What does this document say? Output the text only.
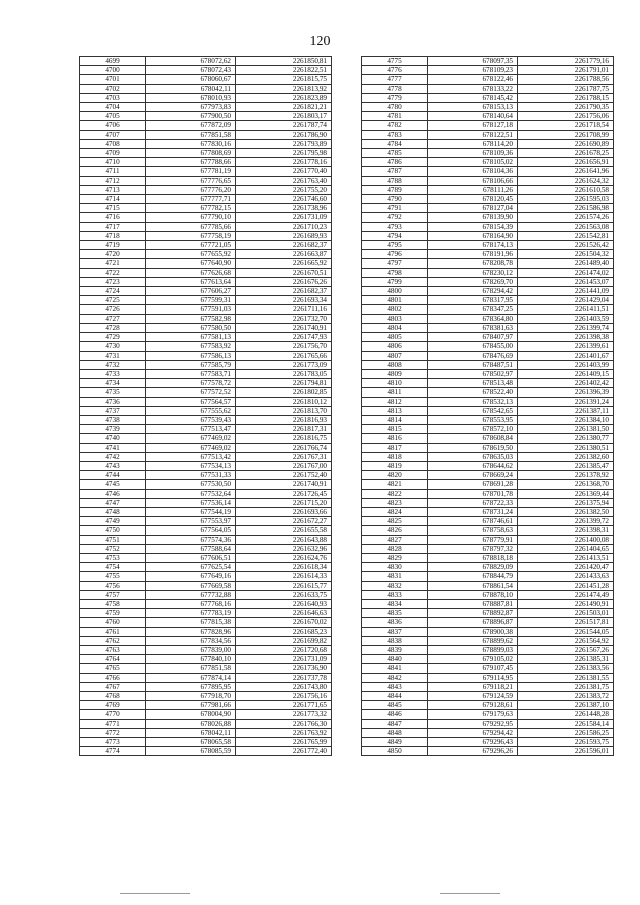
120
4699	678072,62	2261850,81
4700	678072,43	2261822,51
4701	678060,67	2261815,75
4702	678042,11	2261813,92
4703	678010,93	2261823,89
4704	677973,83	2261821,21
4705	677900,50	2261803,17
4706	677872,09	2261787,74
4707	677851,58	2261786,90
4708	677830,16	2261793,89
4709	677808,69	2261795,98
4710	677788,66	2261778,16
4711	677781,19	2261770,40
4712	677776,65	2261763,40
4713	677776,20	2261755,20
4714	677777,71	2261746,60
4715	677782,15	2261738,96
4716	677790,10	2261731,09
4717	677785,66	2261710,23
4718	677758,19	2261689,93
4719	677721,05	2261682,37
4720	677655,92	2261663,87
4721	677640,90	2261665,92
4722	677626,68	2261670,51
4723	677613,64	2261676,26
4724	677606,27	2261682,37
4725	677599,31	2261693,34
4726	677591,03	2261711,16
4727	677582,98	2261732,70
4728	677580,50	2261740,91
4729	677581,13	2261747,93
4730	677583,92	2261756,70
4731	677586,13	2261765,66
4732	677585,79	2261773,09
4733	677583,71	2261783,05
4734	677578,72	2261794,81
4735	677572,52	2261802,85
4736	677564,57	2261810,12
4737	677555,62	2261813,70
4738	677539,43	2261816,93
4739	677513,47	2261817,31
4740	677469,02	2261816,75
4741	677469,02	2261766,74
4742	677513,42	2261767,31
4743	677534,13	2261767,00
4744	677531,33	2261752,40
4745	677530,50	2261740,91
4746	677532,64	2261726,45
4747	677536,14	2261715,20
4748	677544,19	2261693,66
4749	677553,97	2261672,27
4750	677564,05	2261655,58
4751	677574,36	2261643,88
4752	677588,64	2261632,96
4753	677606,51	2261624,76
4754	677625,54	2261618,34
4755	677649,16	2261614,33
4756	677669,58	2261615,77
4757	677732,88	2261633,75
4758	677768,16	2261640,93
4759	677783,19	2261646,63
4760	677815,38	2261670,02
4761	677828,96	2261685,23
4762	677834,56	2261699,82
4763	677839,00	2261720,68
4764	677840,10	2261731,09
4765	677851,58	2261736,90
4766	677874,14	2261737,78
4767	677895,95	2261743,80
4768	677918,70	2261756,16
4769	677981,66	2261771,65
4770	678004,90	2261773,32
4771	678026,88	2261766,30
4772	678042,11	2261763,92
4773	678065,58	2261765,99
4774	678085,59	2261772,40
4775	678097,35	2261779,16
4776	678109,23	2261791,01
4777	678122,46	2261788,56
4778	678133,22	2261787,75
4779	678145,42	2261788,15
4780	678153,13	2261790,35
4781	678140,64	2261756,06
4782	678127,18	2261718,54
4783	678122,51	2261708,99
4784	678114,20	2261690,89
4785	678109,36	2261678,25
4786	678105,02	2261656,91
4787	678104,36	2261641,96
4788	678106,66	2261624,32
4789	678111,26	2261610,58
4790	678120,45	2261595,03
4791	678127,04	2261586,98
4792	678139,90	2261574,26
4793	678154,39	2261563,08
4794	678164,90	2261542,81
4795	678174,13	2261526,42
4796	678191,96	2261504,32
4797	678208,78	2261489,40
4798	678230,12	2261474,02
4799	678269,70	2261453,07
4800	678294,42	2261441,09
4801	678317,95	2261429,04
4802	678347,25	2261411,51
4803	678364,80	2261403,59
4804	678381,63	2261399,74
4805	678407,97	2261398,38
4806	678455,00	2261399,61
4807	678476,69	2261401,67
4808	678487,51	2261403,99
4809	678502,97	2261409,15
4810	678513,48	2261402,42
4811	678522,40	2261396,39
4812	678532,13	2261391,24
4813	678542,65	2261387,11
4814	678553,95	2261384,10
4815	678572,10	2261381,50
4816	678608,84	2261380,77
4817	678619,50	2261380,51
4818	678635,03	2261382,60
4819	678644,62	2261385,47
4820	678669,24	2261378,92
4821	678691,28	2261368,70
4822	678701,78	2261369,44
4823	678722,33	2261375,94
4824	678731,24	2261382,50
4825	678746,61	2261399,72
4826	678758,63	2261398,31
4827	678779,91	2261400,08
4828	678797,32	2261404,65
4829	678818,18	2261413,51
4830	678829,09	2261420,47
4831	678844,79	2261433,63
4832	678861,54	2261451,28
4833	678878,10	2261474,49
4834	678887,81	2261490,91
4835	678892,87	2261503,01
4836	678896,87	2261517,81
4837	678900,38	2261544,05
4838	678899,62	2261564,92
4839	678899,03	2261567,26
4840	679105,02	2261385,31
4841	679107,45	2261383,56
4842	679114,95	2261381,55
4843	679118,21	2261381,75
4844	679124,59	2261383,72
4845	679128,61	2261387,10
4846	679179,63	2261448,28
4847	679292,95	2261584,14
4848	679294,42	2261586,25
4849	679296,43	2261593,75
4850	679296,26	2261596,01
